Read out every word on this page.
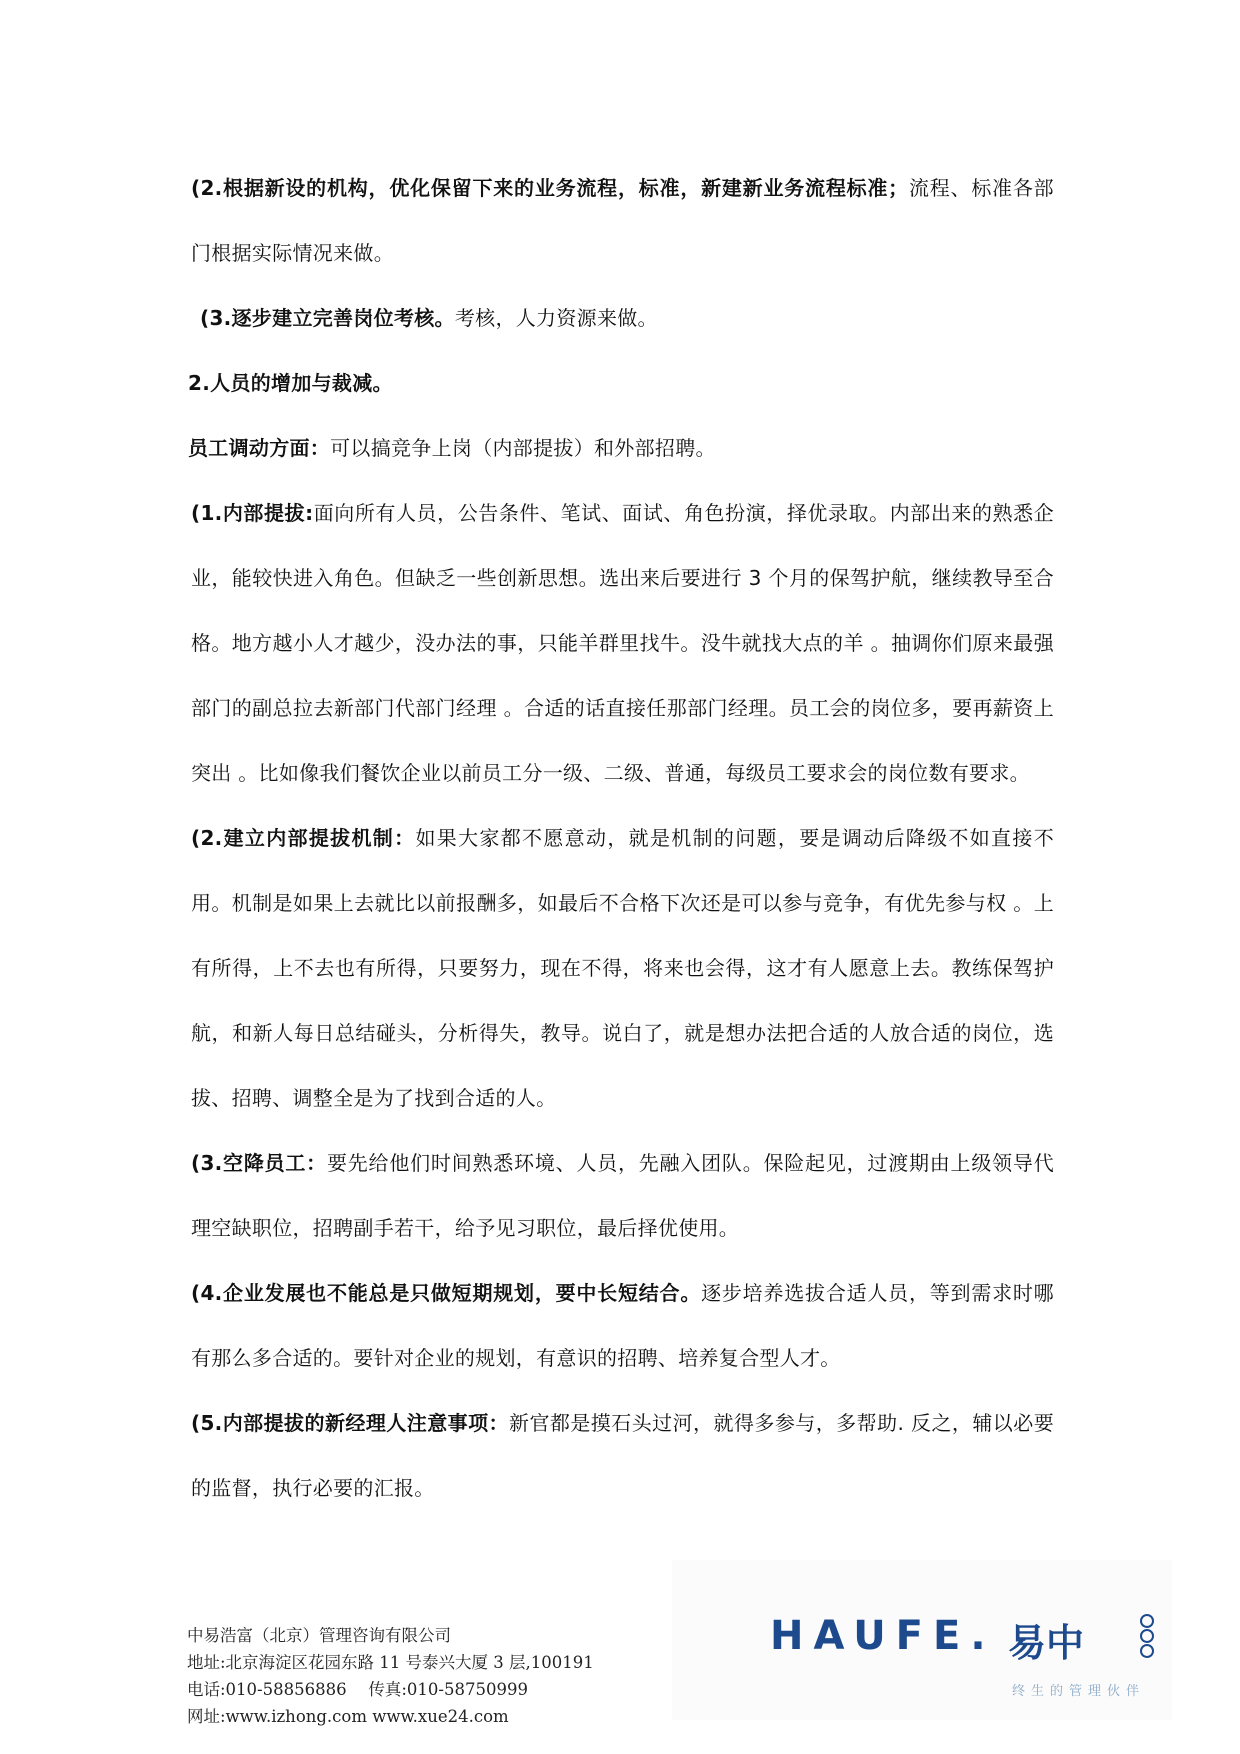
(2.根据新设的机构，优化保留下来的业务流程，标准，新建新业务流程标准；流程、标准各部门根据实际情况来做。

(3.逐步建立完善岗位考核。考核，人力资源来做。

2.人员的增加与裁减。

员工调动方面：可以搞竞争上岗（内部提拔）和外部招聘。

(1.内部提拔:面向所有人员，公告条件、笔试、面试、角色扮演，择优录取。内部出来的熟悉企业，能较快进入角色。但缺乏一些创新思想。选出来后要进行 3 个月的保驾护航，继续教导至合格。地方越小人才越少，没办法的事，只能羊群里找牛。没牛就找大点的羊 。抽调你们原来最强部门的副总拉去新部门代部门经理 。合适的话直接任那部门经理。员工会的岗位多，要再薪资上突出 。比如像我们餐饮企业以前员工分一级、二级、普通，每级员工要求会的岗位数有要求。

(2.建立内部提拔机制：如果大家都不愿意动，就是机制的问题，要是调动后降级不如直接不用。机制是如果上去就比以前报酬多，如最后不合格下次还是可以参与竞争，有优先参与权 。上有所得，上不去也有所得，只要努力，现在不得，将来也会得，这才有人愿意上去。教练保驾护航，和新人每日总结碰头，分析得失，教导。说白了，就是想办法把合适的人放合适的岗位，选拔、招聘、调整全是为了找到合适的人。

(3.空降员工：要先给他们时间熟悉环境、人员，先融入团队。保险起见，过渡期由上级领导代理空缺职位，招聘副手若干，给予见习职位，最后择优使用。

(4.企业发展也不能总是只做短期规划，要中长短结合。逐步培养选拔合适人员，等到需求时哪有那么多合适的。要针对企业的规划，有意识的招聘、培养复合型人才。

(5.内部提拔的新经理人注意事项：新官都是摸石头过河，就得多参与，多帮助. 反之，辅以必要的监督，执行必要的汇报。

中易浩富（北京）管理咨询有限公司
地址:北京海淀区花园东路 11 号泰兴大厦 3 层,100191
电话:010-58856886　 传真:010-58750999
网址:www.izhong.com www.xue24.com
HAUFE. 易中
终生的管理伙伴
